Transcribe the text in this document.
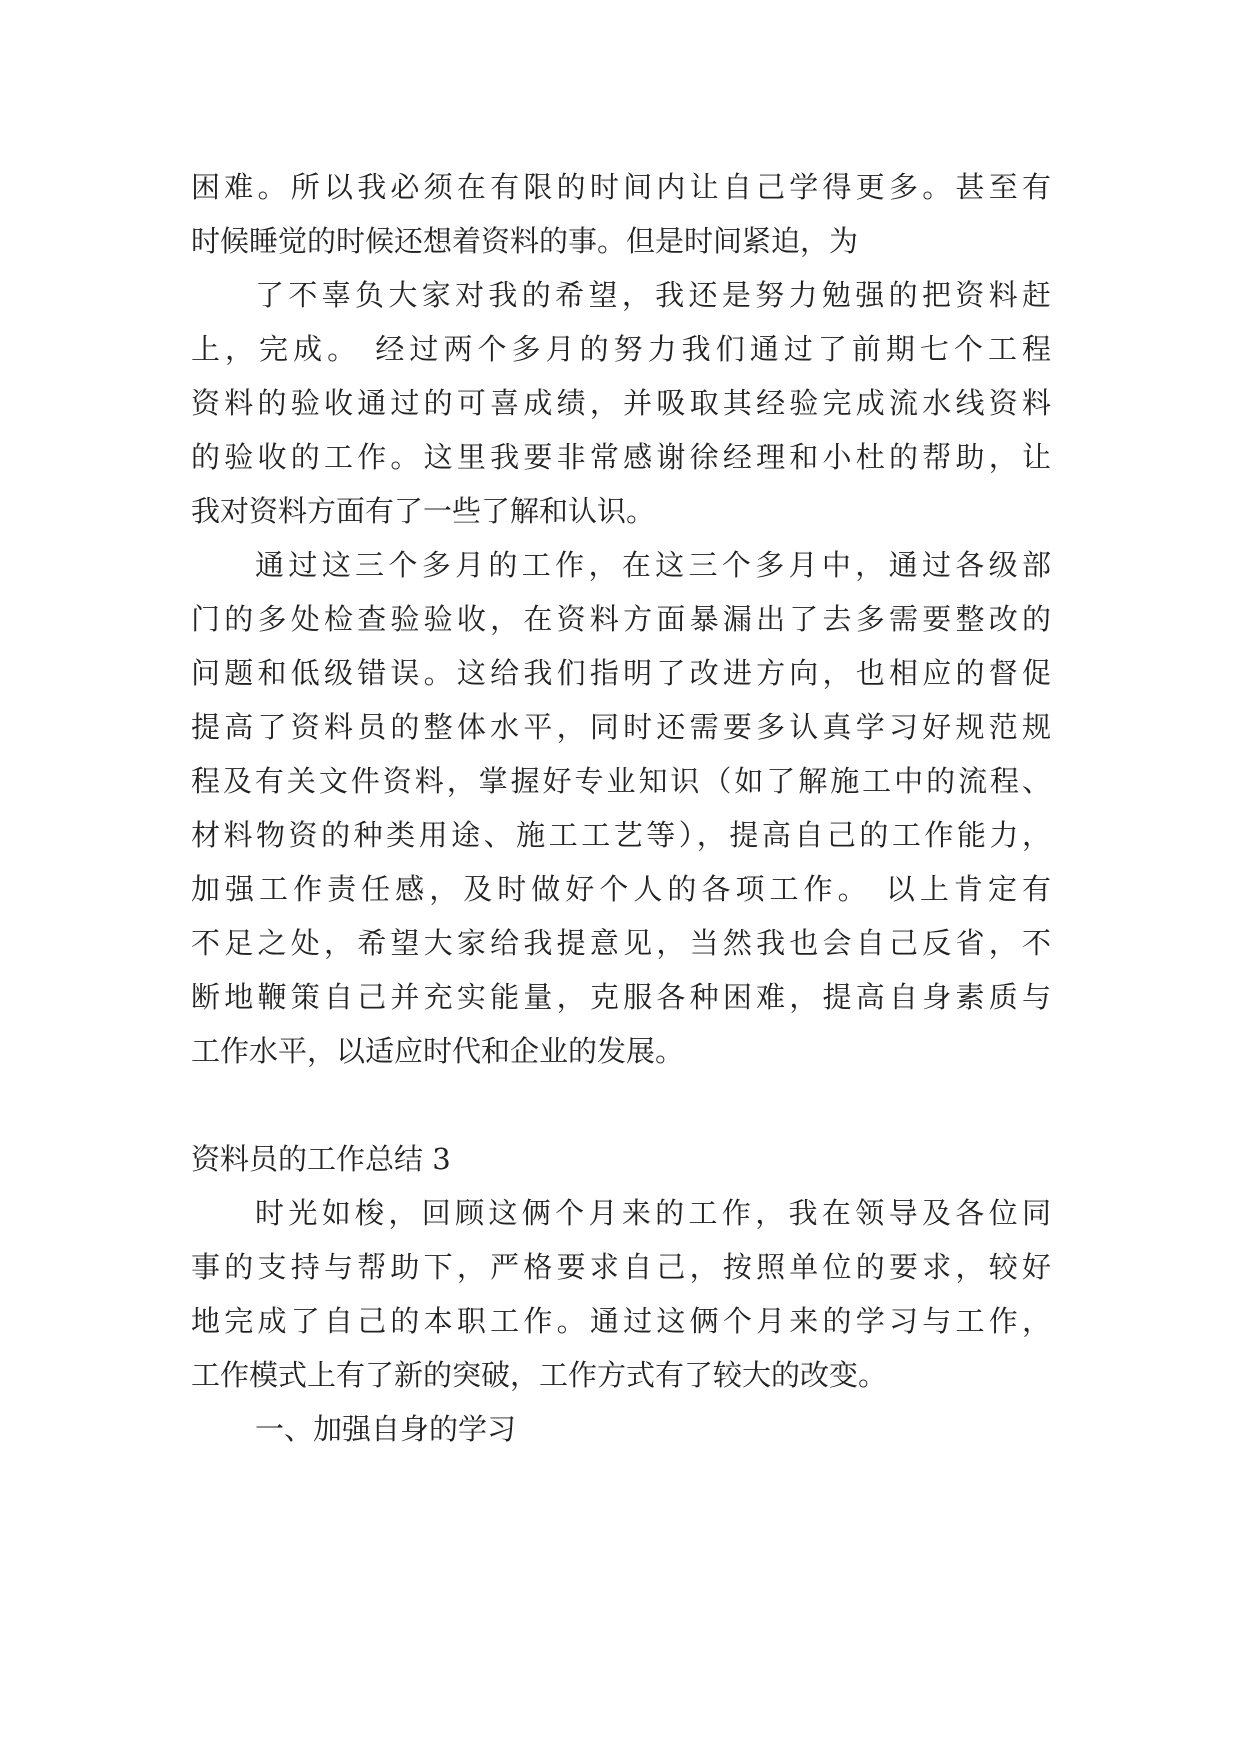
困难。所以我必须在有限的时间内让自己学得更多。甚至有
时候睡觉的时候还想着资料的事。但是时间紧迫，为
了不辜负大家对我的希望，我还是努力勉强的把资料赶
上，完成。 经过两个多月的努力我们通过了前期七个工程
资料的验收通过的可喜成绩，并吸取其经验完成流水线资料
的验收的工作。这里我要非常感谢徐经理和小杜的帮助，让
我对资料方面有了一些了解和认识。
通过这三个多月的工作，在这三个多月中，通过各级部
门的多处检查验验收，在资料方面暴漏出了去多需要整改的
问题和低级错误。这给我们指明了改进方向，也相应的督促
提高了资料员的整体水平，同时还需要多认真学习好规范规
程及有关文件资料，掌握好专业知识（如了解施工中的流程、
材料物资的种类用途、施工工艺等），提高自己的工作能力，
加强工作责任感，及时做好个人的各项工作。 以上肯定有
不足之处，希望大家给我提意见，当然我也会自己反省，不
断地鞭策自己并充实能量，克服各种困难，提高自身素质与
工作水平，以适应时代和企业的发展。
资料员的工作总结 3
时光如梭，回顾这俩个月来的工作，我在领导及各位同
事的支持与帮助下，严格要求自己，按照单位的要求，较好
地完成了自己的本职工作。通过这俩个月来的学习与工作，
工作模式上有了新的突破，工作方式有了较大的改变。
一、加强自身的学习
